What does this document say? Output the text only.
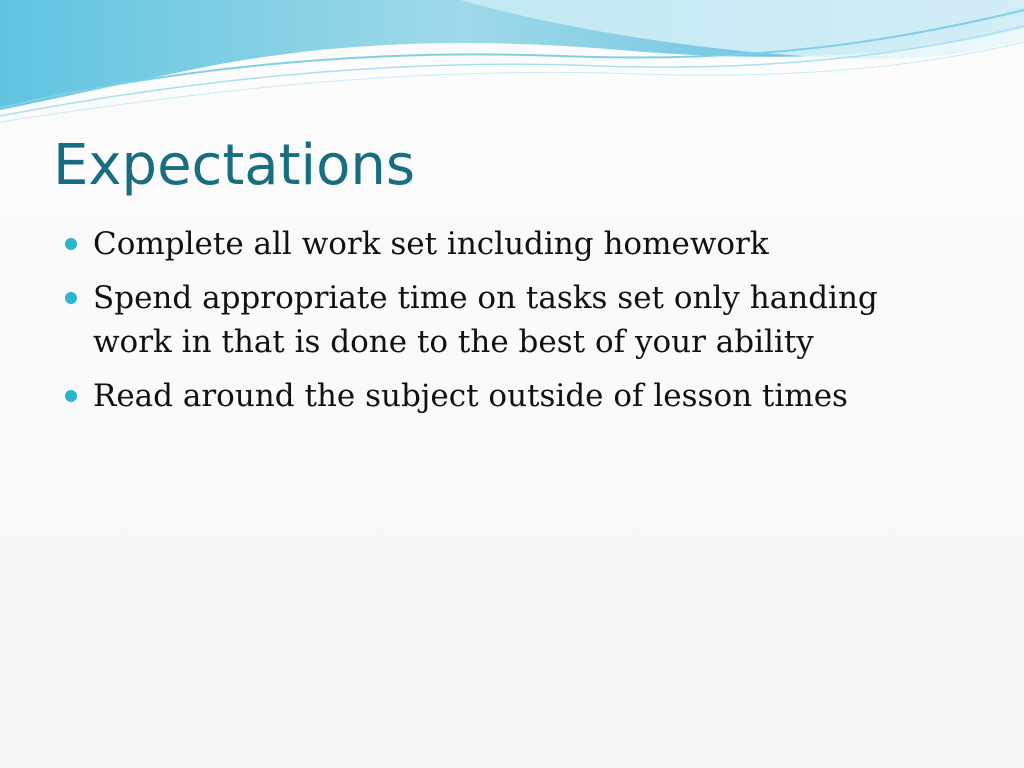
Expectations
Complete all work set including homework
Spend appropriate time on tasks set only handing work in that is done to the best of your ability
Read around the subject outside of lesson times
